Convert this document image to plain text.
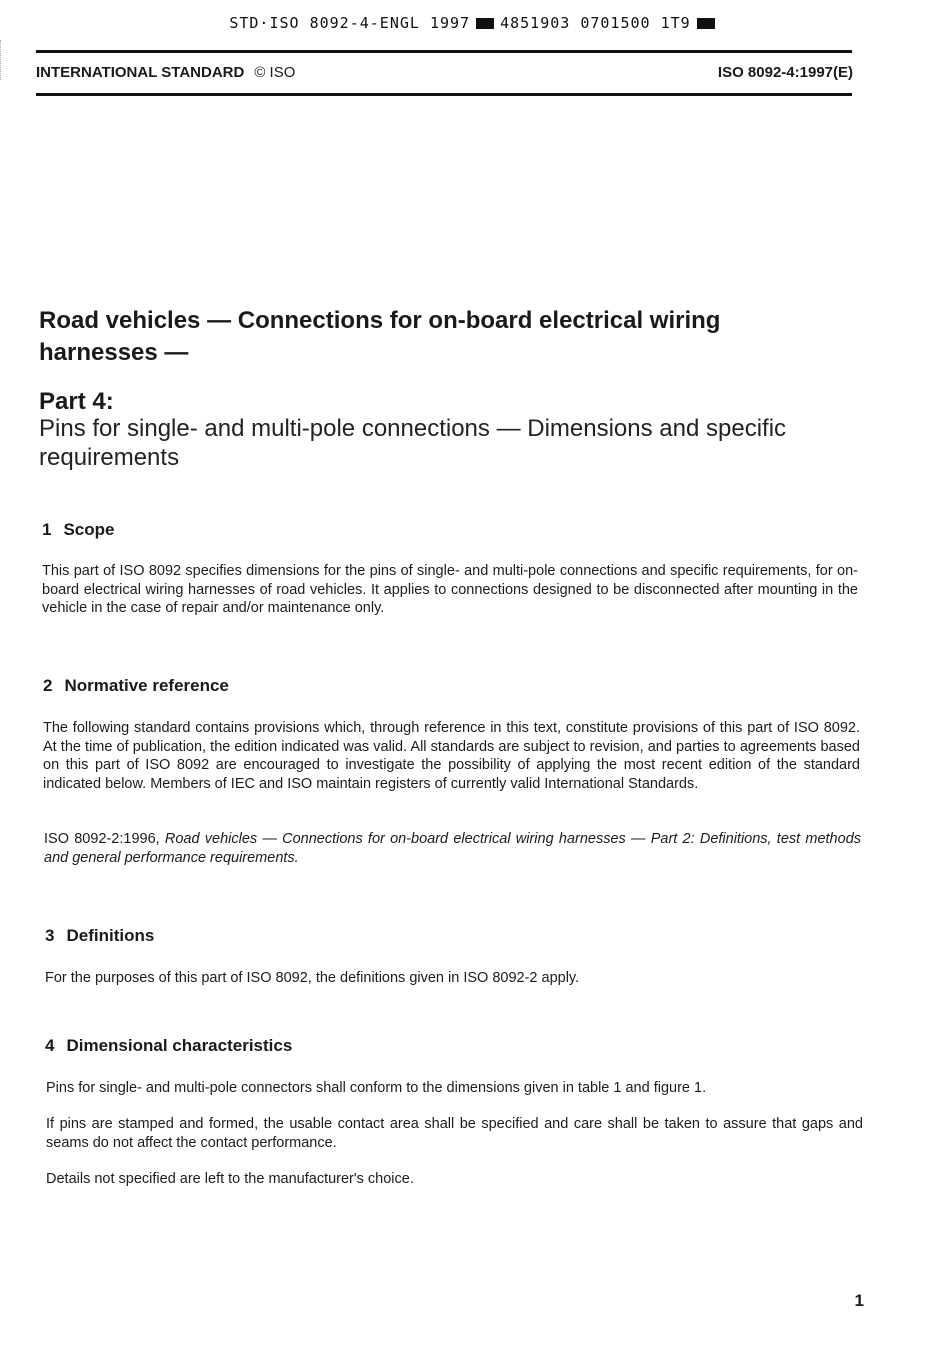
STD·ISO 8092-4-ENGL 1997 4851903 0701500 1T9
INTERNATIONAL STANDARD © ISO	ISO 8092-4:1997(E)
Road vehicles — Connections for on-board electrical wiring harnesses —
Part 4:
Pins for single- and multi-pole connections — Dimensions and specific requirements
1 Scope
This part of ISO 8092 specifies dimensions for the pins of single- and multi-pole connections and specific requirements, for on-board electrical wiring harnesses of road vehicles. It applies to connections designed to be disconnected after mounting in the vehicle in the case of repair and/or maintenance only.
2 Normative reference
The following standard contains provisions which, through reference in this text, constitute provisions of this part of ISO 8092. At the time of publication, the edition indicated was valid. All standards are subject to revision, and parties to agreements based on this part of ISO 8092 are encouraged to investigate the possibility of applying the most recent edition of the standard indicated below. Members of IEC and ISO maintain registers of currently valid International Standards.
ISO 8092-2:1996, Road vehicles — Connections for on-board electrical wiring harnesses — Part 2: Definitions, test methods and general performance requirements.
3 Definitions
For the purposes of this part of ISO 8092, the definitions given in ISO 8092-2 apply.
4 Dimensional characteristics
Pins for single- and multi-pole connectors shall conform to the dimensions given in table 1 and figure 1.
If pins are stamped and formed, the usable contact area shall be specified and care shall be taken to assure that gaps and seams do not affect the contact performance.
Details not specified are left to the manufacturer's choice.
1
